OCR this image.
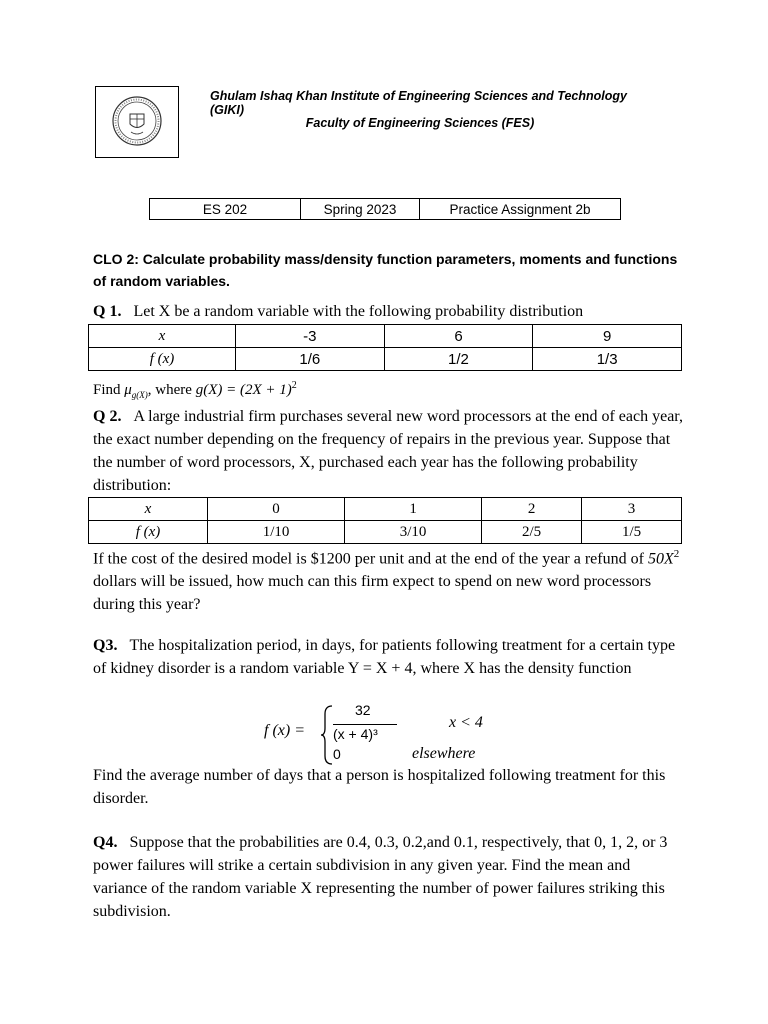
Ghulam Ishaq Khan Institute of Engineering Sciences and Technology (GIKI)
Faculty of Engineering Sciences (FES)
ES 202	Spring 2023	Practice Assignment 2b
CLO 2: Calculate probability mass/density function parameters, moments and functions of random variables.
Q 1. Let X be a random variable with the following probability distribution
x	-3	6	9
f (x)	1/6	1/2	1/3
Find $\mu_{g(X)}$, where $g(X) = (2X + 1)^2$
Q 2. A large industrial firm purchases several new word processors at the end of each year, the exact number depending on the frequency of repairs in the previous year. Suppose that the number of word processors, X, purchased each year has the following probability distribution:
x	0	1	2	3
f (x)	1/10	3/10	2/5	1/5
If the cost of the desired model is $1200 per unit and at the end of the year a refund of $50X^2$ dollars will be issued, how much can this firm expect to spend on new word processors during this year?
Q3. The hospitalization period, in days, for patients following treatment for a certain type of kidney disorder is a random variable Y = X + 4, where X has the density function
f (x) =
32
(x + 4)³
x < 4
0	elsewhere
Find the average number of days that a person is hospitalized following treatment for this disorder.
Q4. Suppose that the probabilities are 0.4, 0.3, 0.2,and 0.1, respectively, that 0, 1, 2, or 3 power failures will strike a certain subdivision in any given year. Find the mean and variance of the random variable X representing the number of power failures striking this subdivision.
